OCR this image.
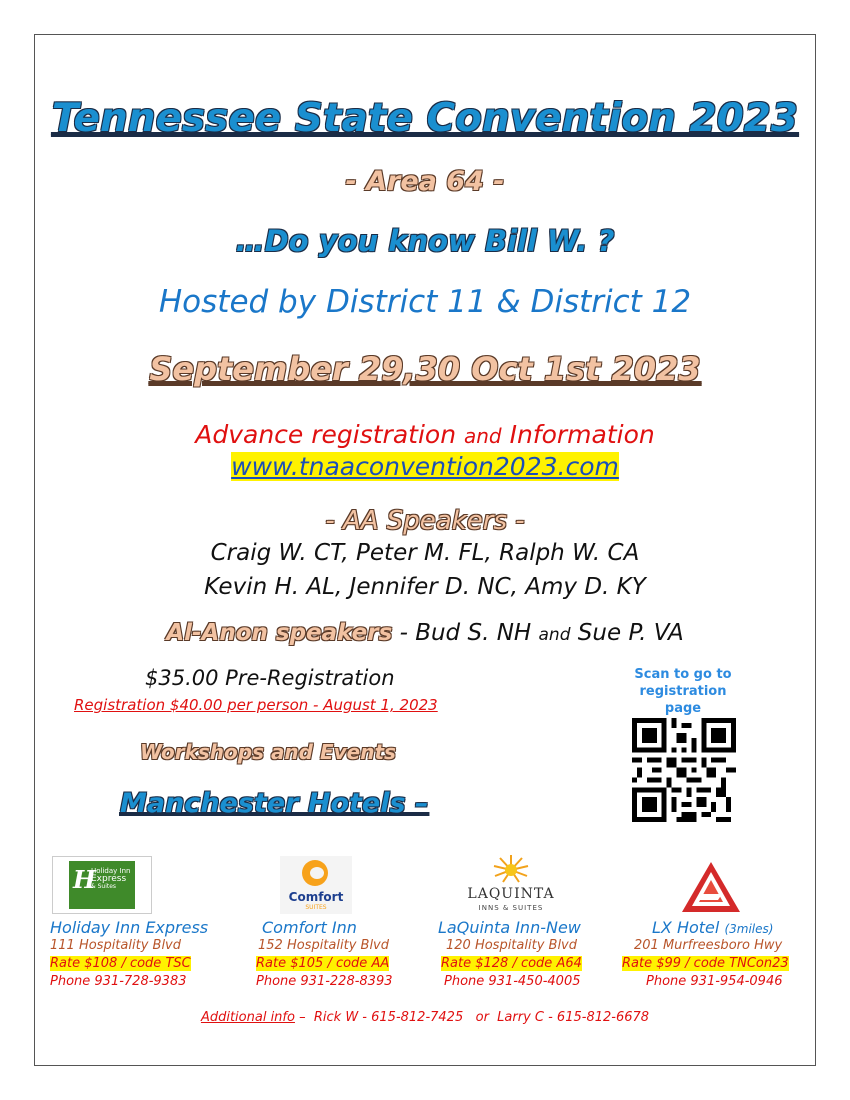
Tennessee State Convention 2023
- Area 64 -
…Do you know Bill W. ?
Hosted by District 11 & District 12
September 29,30 Oct 1st 2023
Advance registration and Information
www.tnaaconvention2023.com
- AA Speakers -
Craig W. CT, Peter M. FL, Ralph W. CA
Kevin H. AL, Jennifer D. NC, Amy D. KY
Al-Anon speakers - Bud S. NH and Sue P. VA
$35.00 Pre-Registration
Registration $40.00 per person - August 1, 2023
Workshops and Events
Manchester Hotels –
Scan to go to registration page
H
Holiday Inn
Express
& Suites
Comfort
SUITES
LAQUINTA
INNS & SUITES
Holiday Inn Express
111 Hospitality Blvd
Rate $108 / code TSC
Phone 931-728-9383
Comfort Inn
152 Hospitality Blvd
Rate $105 / code AA
Phone 931-228-8393
LaQuinta Inn-New
120 Hospitality Blvd
Rate $128 / code A64
Phone 931-450-4005
LX Hotel (3miles)
201 Murfreesboro Hwy
Rate $99 / code TNCon23
Phone 931-954-0946
Additional info –  Rick W - 615-812-7425   or  Larry C - 615-812-6678
